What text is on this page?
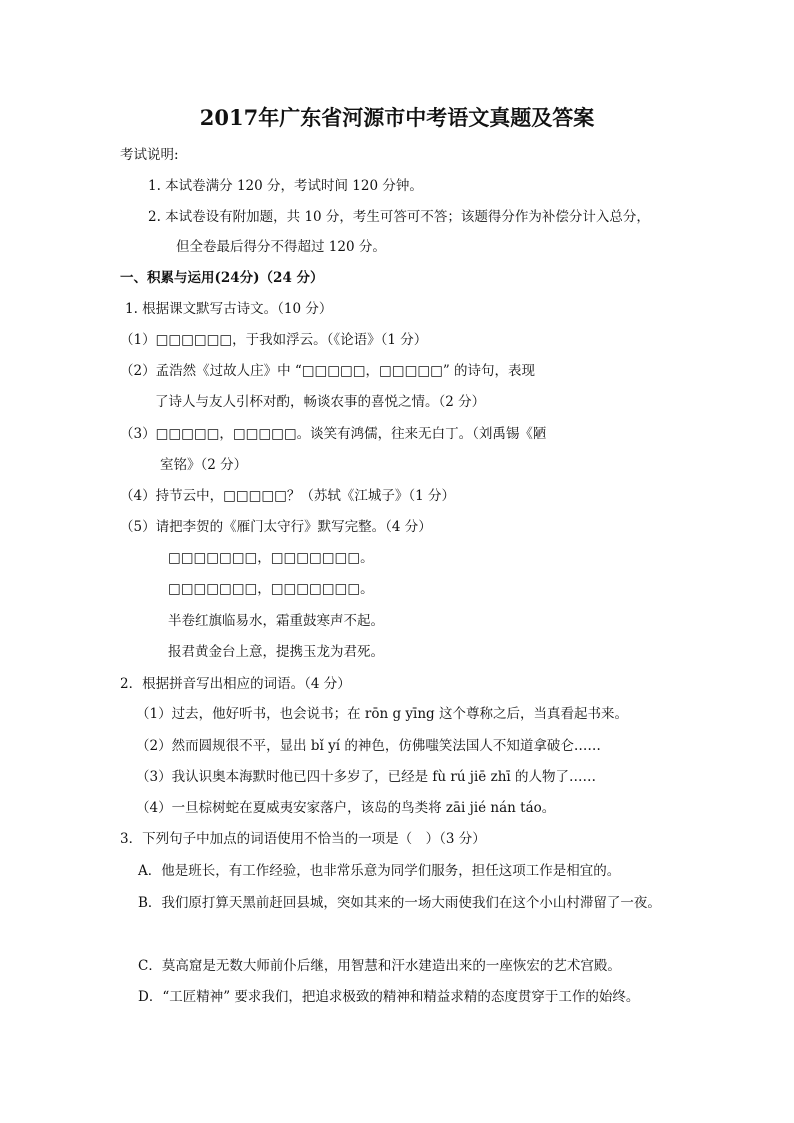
2017年广东省河源市中考语文真题及答案
考试说明:
1. 本试卷满分 120 分，考试时间 120 分钟。
2. 本试卷设有附加题，共 10 分，考生可答可不答；该题得分作为补偿分计入总分，
但全卷最后得分不得超过 120 分。
一、积累与运用(24分)（24 分）
1. 根据课文默写古诗文。（10 分）
（1）□□□□□□，于我如浮云。（《论语》（1 分）
（2）孟浩然《过故人庄》中 “□□□□□，□□□□□” 的诗句，表现
了诗人与友人引杯对酌，畅谈农事的喜悦之情。（2 分）
（3）□□□□□，□□□□□。谈笑有鸿儒，往来无白丁。（刘禹锡《陋
室铭》（2 分）
（4）持节云中，□□□□□？（苏轼《江城子》（1 分）
（5）请把李贺的《雁门太守行》默写完整。（4 分）
□□□□□□□，□□□□□□□。
□□□□□□□，□□□□□□□。
半卷红旗临易水，霜重鼓寒声不起。
报君黄金台上意，提携玉龙为君死。
2．根据拼音写出相应的词语。（4 分）
（1）过去，他好听书，也会说书；在 rōn g yīng 这个尊称之后，当真看起书来。
（2）然而圆规很不平，显出 bǐ yí 的神色，仿佛嗤笑法国人不知道拿破仑……
（3）我认识奥本海默时他已四十多岁了，已经是 fù rú jiē zhī 的人物了……
（4）一旦棕树蛇在夏威夷安家落户，该岛的鸟类将 zāi jié nán táo。
3．下列句子中加点的词语使用不恰当的一项是（　）（3 分）
A．他是班长，有工作经验，也非常乐意为同学们服务，担任这项工作是相宜的。
B．我们原打算天黑前赶回县城，突如其来的一场大雨使我们在这个小山村滞留了一夜。
C．莫高窟是无数大师前仆后继，用智慧和汗水建造出来的一座恢宏的艺术宫殿。
D．“工匠精神” 要求我们，把追求极致的精神和精益求精的态度贯穿于工作的始终。
